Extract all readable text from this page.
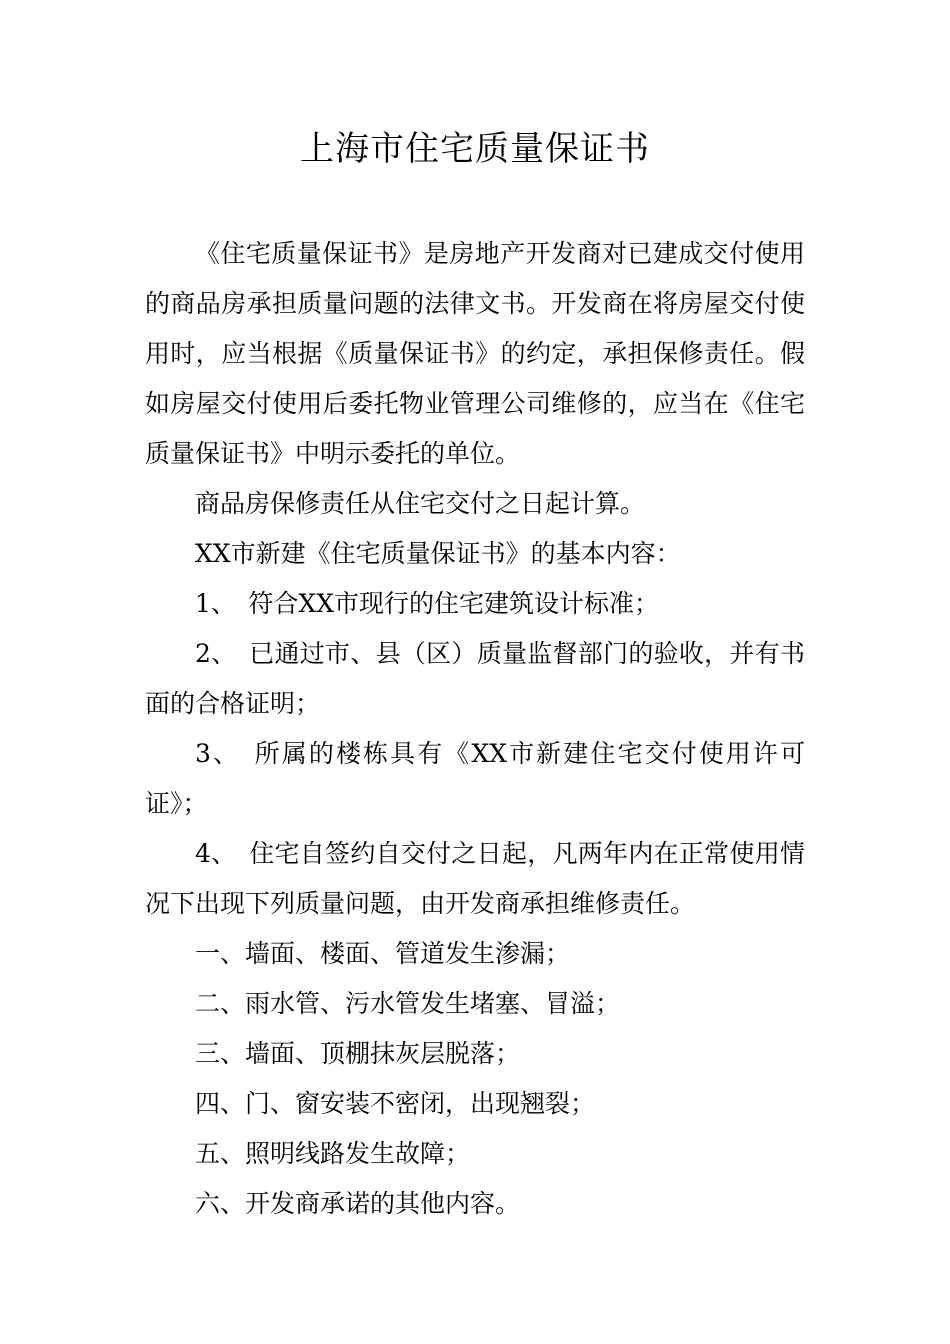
上海市住宅质量保证书

《住宅质量保证书》是房地产开发商对已建成交付使用的商品房承担质量问题的法律文书。开发商在将房屋交付使用时，应当根据《质量保证书》的约定，承担保修责任。假如房屋交付使用后委托物业管理公司维修的，应当在《住宅质量保证书》中明示委托的单位。

商品房保修责任从住宅交付之日起计算。

XX市新建《住宅质量保证书》的基本内容：

1、　符合XX市现行的住宅建筑设计标准；

2、　已通过市、县（区）质量监督部门的验收，并有书面的合格证明；

3、　所属的楼栋具有《XX市新建住宅交付使用许可证》；

4、　住宅自签约自交付之日起，凡两年内在正常使用情况下出现下列质量问题，由开发商承担维修责任。

一、墙面、楼面、管道发生渗漏；

二、雨水管、污水管发生堵塞、冒溢；

三、墙面、顶棚抹灰层脱落；

四、门、窗安装不密闭，出现翘裂；

五、照明线路发生故障；

六、开发商承诺的其他内容。
